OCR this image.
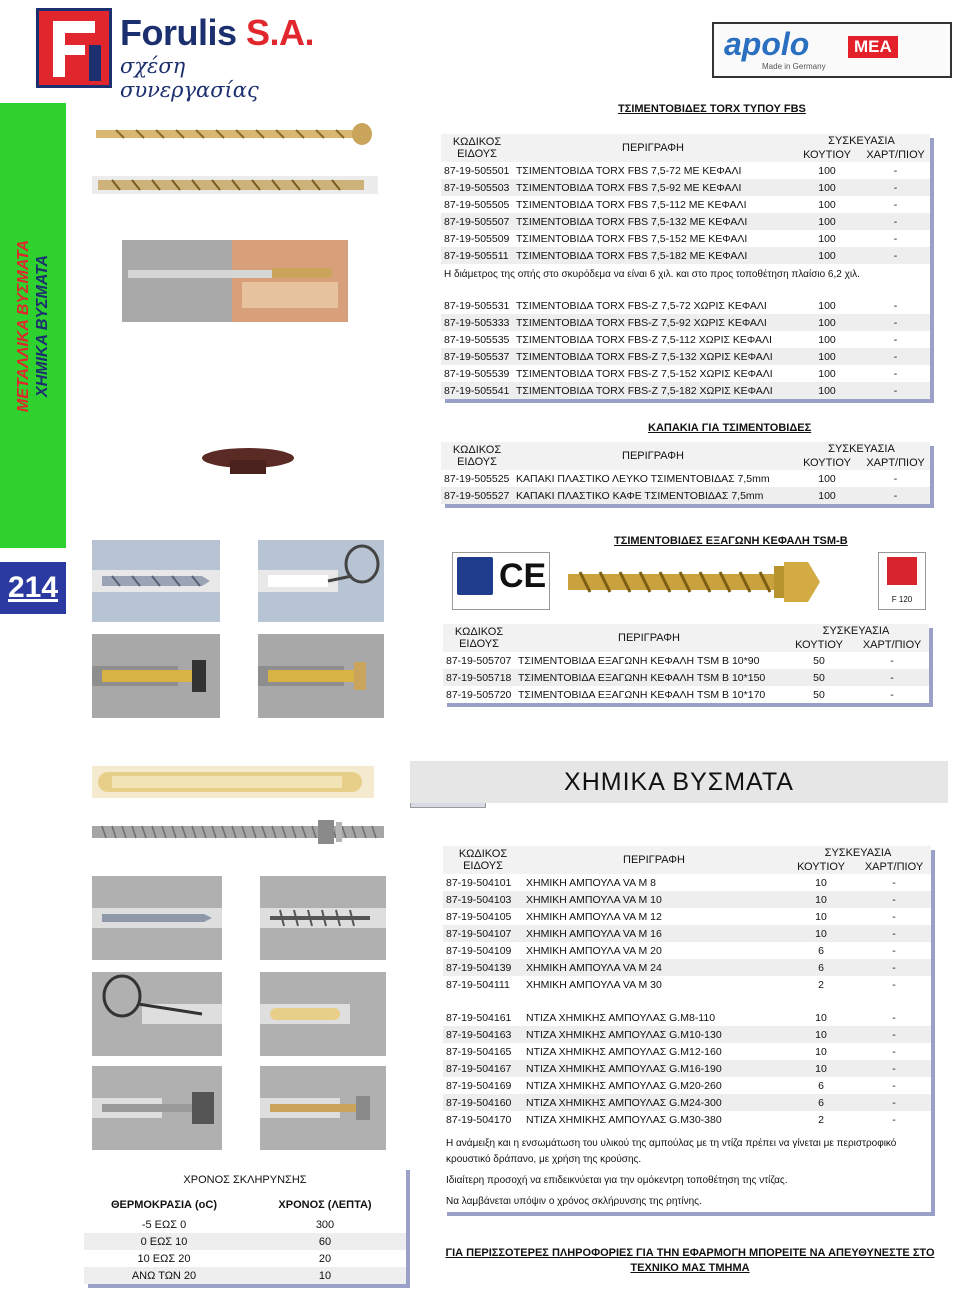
Forulis S.A.
σχέση συνεργασίας
apolo	MEA
Made in Germany
ΜΕΤΑΛΛΙΚΑ ΒΥΣΜΑΤΑ ΧΗΜΙΚΑ ΒΥΣΜΑΤΑ
214
ΤΣΙΜΕΝΤΟΒΙΔΕΣ TORX ΤΥΠΟΥ FBS
ΚΩΔΙΚΟΣ
ΕΙΔΟΥΣ	ΠΕΡΙΓΡΑΦΗ	ΣΥΣΚΕΥΑΣΙΑ	
		ΚΟΥΤΙΟΥ	ΧΑΡΤ/ΠΙΟΥ
87-19-505501	ΤΣΙΜΕΝΤΟΒΙΔΑ TORX FBS 7,5-72 ΜΕ ΚΕΦΑΛΙ	100	-
87-19-505503	ΤΣΙΜΕΝΤΟΒΙΔΑ TORX FBS 7,5-92 ΜΕ ΚΕΦΑΛΙ	100	-
87-19-505505	ΤΣΙΜΕΝΤΟΒΙΔΑ TORX FBS 7,5-112 ΜΕ ΚΕΦΑΛΙ	100	-
87-19-505507	ΤΣΙΜΕΝΤΟΒΙΔΑ TORX FBS 7,5-132 ΜΕ ΚΕΦΑΛΙ	100	-
87-19-505509	ΤΣΙΜΕΝΤΟΒΙΔΑ TORX FBS 7,5-152 ΜΕ ΚΕΦΑΛΙ	100	-
87-19-505511	ΤΣΙΜΕΝΤΟΒΙΔΑ TORX FBS 7,5-182 ΜΕ ΚΕΦΑΛΙ	100	-
Η διάμετρος της οπής στο σκυρόδεμα να είναι 6 χιλ. και στο προς τοποθέτηση πλαίσιο 6,2 χιλ.			

87-19-505531	ΤΣΙΜΕΝΤΟΒΙΔΑ TORX FBS-Z 7,5-72 ΧΩΡΙΣ ΚΕΦΑΛΙ	100	-
87-19-505333	ΤΣΙΜΕΝΤΟΒΙΔΑ TORX FBS-Z 7,5-92 ΧΩΡΙΣ ΚΕΦΑΛΙ	100	-
87-19-505535	ΤΣΙΜΕΝΤΟΒΙΔΑ TORX FBS-Z 7,5-112 ΧΩΡΙΣ ΚΕΦΑΛΙ	100	-
87-19-505537	ΤΣΙΜΕΝΤΟΒΙΔΑ TORX FBS-Z 7,5-132 ΧΩΡΙΣ ΚΕΦΑΛΙ	100	-
87-19-505539	ΤΣΙΜΕΝΤΟΒΙΔΑ TORX FBS-Z 7,5-152 ΧΩΡΙΣ ΚΕΦΑΛΙ	100	-
87-19-505541	ΤΣΙΜΕΝΤΟΒΙΔΑ TORX FBS-Z 7,5-182 ΧΩΡΙΣ ΚΕΦΑΛΙ	100	-
ΚΑΠΑΚΙΑ ΓΙΑ ΤΣΙΜΕΝΤΟΒΙΔΕΣ
ΚΩΔΙΚΟΣ
ΕΙΔΟΥΣ	ΠΕΡΙΓΡΑΦΗ	ΣΥΣΚΕΥΑΣΙΑ	
		ΚΟΥΤΙΟΥ	ΧΑΡΤ/ΠΙΟΥ
87-19-505525	ΚΑΠΑΚΙ ΠΛΑΣΤΙΚΟ ΛΕΥΚΟ ΤΣΙΜΕΝΤΟΒΙΔΑΣ 7,5mm	100	-
87-19-505527	ΚΑΠΑΚΙ ΠΛΑΣΤΙΚΟ ΚΑΦΕ ΤΣΙΜΕΝΤΟΒΙΔΑΣ 7,5mm	100	-
ΤΣΙΜΕΝΤΟΒΙΔΕΣ ΕΞΑΓΩΝΗ ΚΕΦΑΛΗ TSM-B
CE
F 120
ΚΩΔΙΚΟΣ
ΕΙΔΟΥΣ	ΠΕΡΙΓΡΑΦΗ	ΣΥΣΚΕΥΑΣΙΑ	
		ΚΟΥΤΙΟΥ	ΧΑΡΤ/ΠΙΟΥ
87-19-505707	ΤΣΙΜΕΝΤΟΒΙΔΑ ΕΞΑΓΩΝΗ ΚΕΦΑΛΗ TSM B 10*90	50	-
87-19-505718	ΤΣΙΜΕΝΤΟΒΙΔΑ ΕΞΑΓΩΝΗ ΚΕΦΑΛΗ TSM B 10*150	50	-
87-19-505720	ΤΣΙΜΕΝΤΟΒΙΔΑ ΕΞΑΓΩΝΗ ΚΕΦΑΛΗ TSM B 10*170	50	-
ΧΗΜΙΚΑ ΒΥΣΜΑΤΑ
ΚΩΔΙΚΟΣ
ΕΙΔΟΥΣ	ΠΕΡΙΓΡΑΦΗ	ΣΥΣΚΕΥΑΣΙΑ	
		ΚΟΥΤΙΟΥ	ΧΑΡΤ/ΠΙΟΥ
87-19-504101	ΧΗΜΙΚΗ ΑΜΠΟΥΛΑ VA M 8	10	-
87-19-504103	ΧΗΜΙΚΗ ΑΜΠΟΥΛΑ VA M 10	10	-
87-19-504105	ΧΗΜΙΚΗ ΑΜΠΟΥΛΑ VA M 12	10	-
87-19-504107	ΧΗΜΙΚΗ ΑΜΠΟΥΛΑ VA M 16	10	-
87-19-504109	ΧΗΜΙΚΗ ΑΜΠΟΥΛΑ VA M 20	6	-
87-19-504139	ΧΗΜΙΚΗ ΑΜΠΟΥΛΑ VA M 24	6	-
87-19-504111	ΧΗΜΙΚΗ ΑΜΠΟΥΛΑ VA M 30	2	-

87-19-504161	ΝΤΙΖΑ ΧΗΜΙΚΗΣ ΑΜΠΟΥΛΑΣ G.M8-110	10	-
87-19-504163	ΝΤΙΖΑ ΧΗΜΙΚΗΣ ΑΜΠΟΥΛΑΣ G.M10-130	10	-
87-19-504165	ΝΤΙΖΑ ΧΗΜΙΚΗΣ ΑΜΠΟΥΛΑΣ G.M12-160	10	-
87-19-504167	ΝΤΙΖΑ ΧΗΜΙΚΗΣ ΑΜΠΟΥΛΑΣ G.M16-190	10	-
87-19-504169	ΝΤΙΖΑ ΧΗΜΙΚΗΣ ΑΜΠΟΥΛΑΣ G.M20-260	6	-
87-19-504160	ΝΤΙΖΑ ΧΗΜΙΚΗΣ ΑΜΠΟΥΛΑΣ G.M24-300	6	-
87-19-504170	ΝΤΙΖΑ ΧΗΜΙΚΗΣ ΑΜΠΟΥΛΑΣ G.M30-380	2	-

Η ανάμειξη και η ενσωμάτωση του υλικού της αμπούλας με τη ντίζα πρέπει να γίνεται με περιστροφικό κρουστικό δράπανο, με χρήση της κρούσης.			
Ιδιαίτερη προσοχή να επιδεικνύεται για την ομόκεντρη τοποθέτηση της ντίζας.			
Να λαμβάνεται υπόψιν ο χρόνος σκλήρυνσης της ρητίνης.			
ΧΡΟΝΟΣ ΣΚΛΗΡΥΝΣΗΣ	
ΘΕΡΜΟΚΡΑΣΙΑ (oC)	ΧΡΟΝΟΣ (ΛΕΠΤΑ)
-5 ΕΩΣ 0	300
0 ΕΩΣ 10	60
10 ΕΩΣ 20	20
ΑΝΩ ΤΩΝ 20	10
ΓΙΑ ΠΕΡΙΣΣΟΤΕΡΕΣ ΠΛΗΡΟΦΟΡΙΕΣ ΓΙΑ ΤΗΝ ΕΦΑΡΜΟΓΗ ΜΠΟΡΕΙΤΕ ΝΑ ΑΠΕΥΘΥΝΕΣΤΕ ΣΤΟ
ΤΕΧΝΙΚΟ ΜΑΣ ΤΜΗΜΑ
